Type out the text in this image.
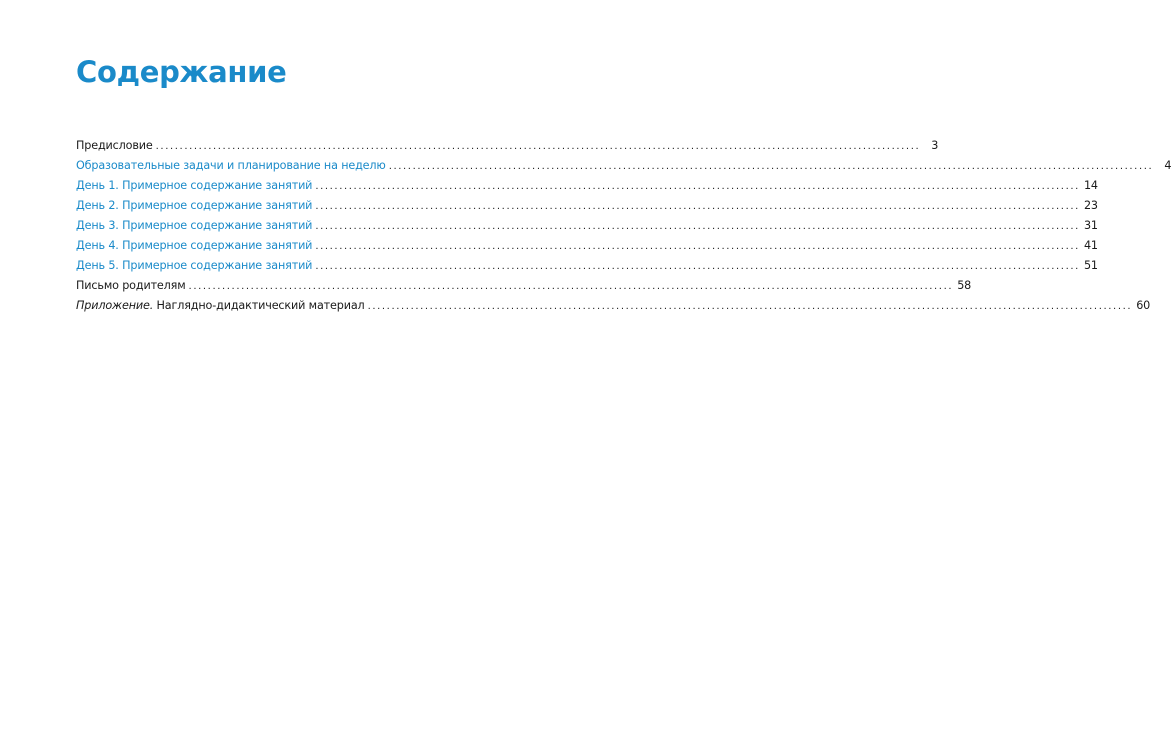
Содержание
Предисловие ................................................................................................................................................................ 3
Образовательные задачи и планирование на неделю ................................................................................................................................................................ 4
День 1. Примерное содержание занятий ................................................................................................................................................................ 14
День 2. Примерное содержание занятий ................................................................................................................................................................ 23
День 3. Примерное содержание занятий ................................................................................................................................................................ 31
День 4. Примерное содержание занятий ................................................................................................................................................................ 41
День 5. Примерное содержание занятий ................................................................................................................................................................ 51
Письмо родителям ................................................................................................................................................................ 58
Приложение. Наглядно-дидактический материал ................................................................................................................................................................ 60
